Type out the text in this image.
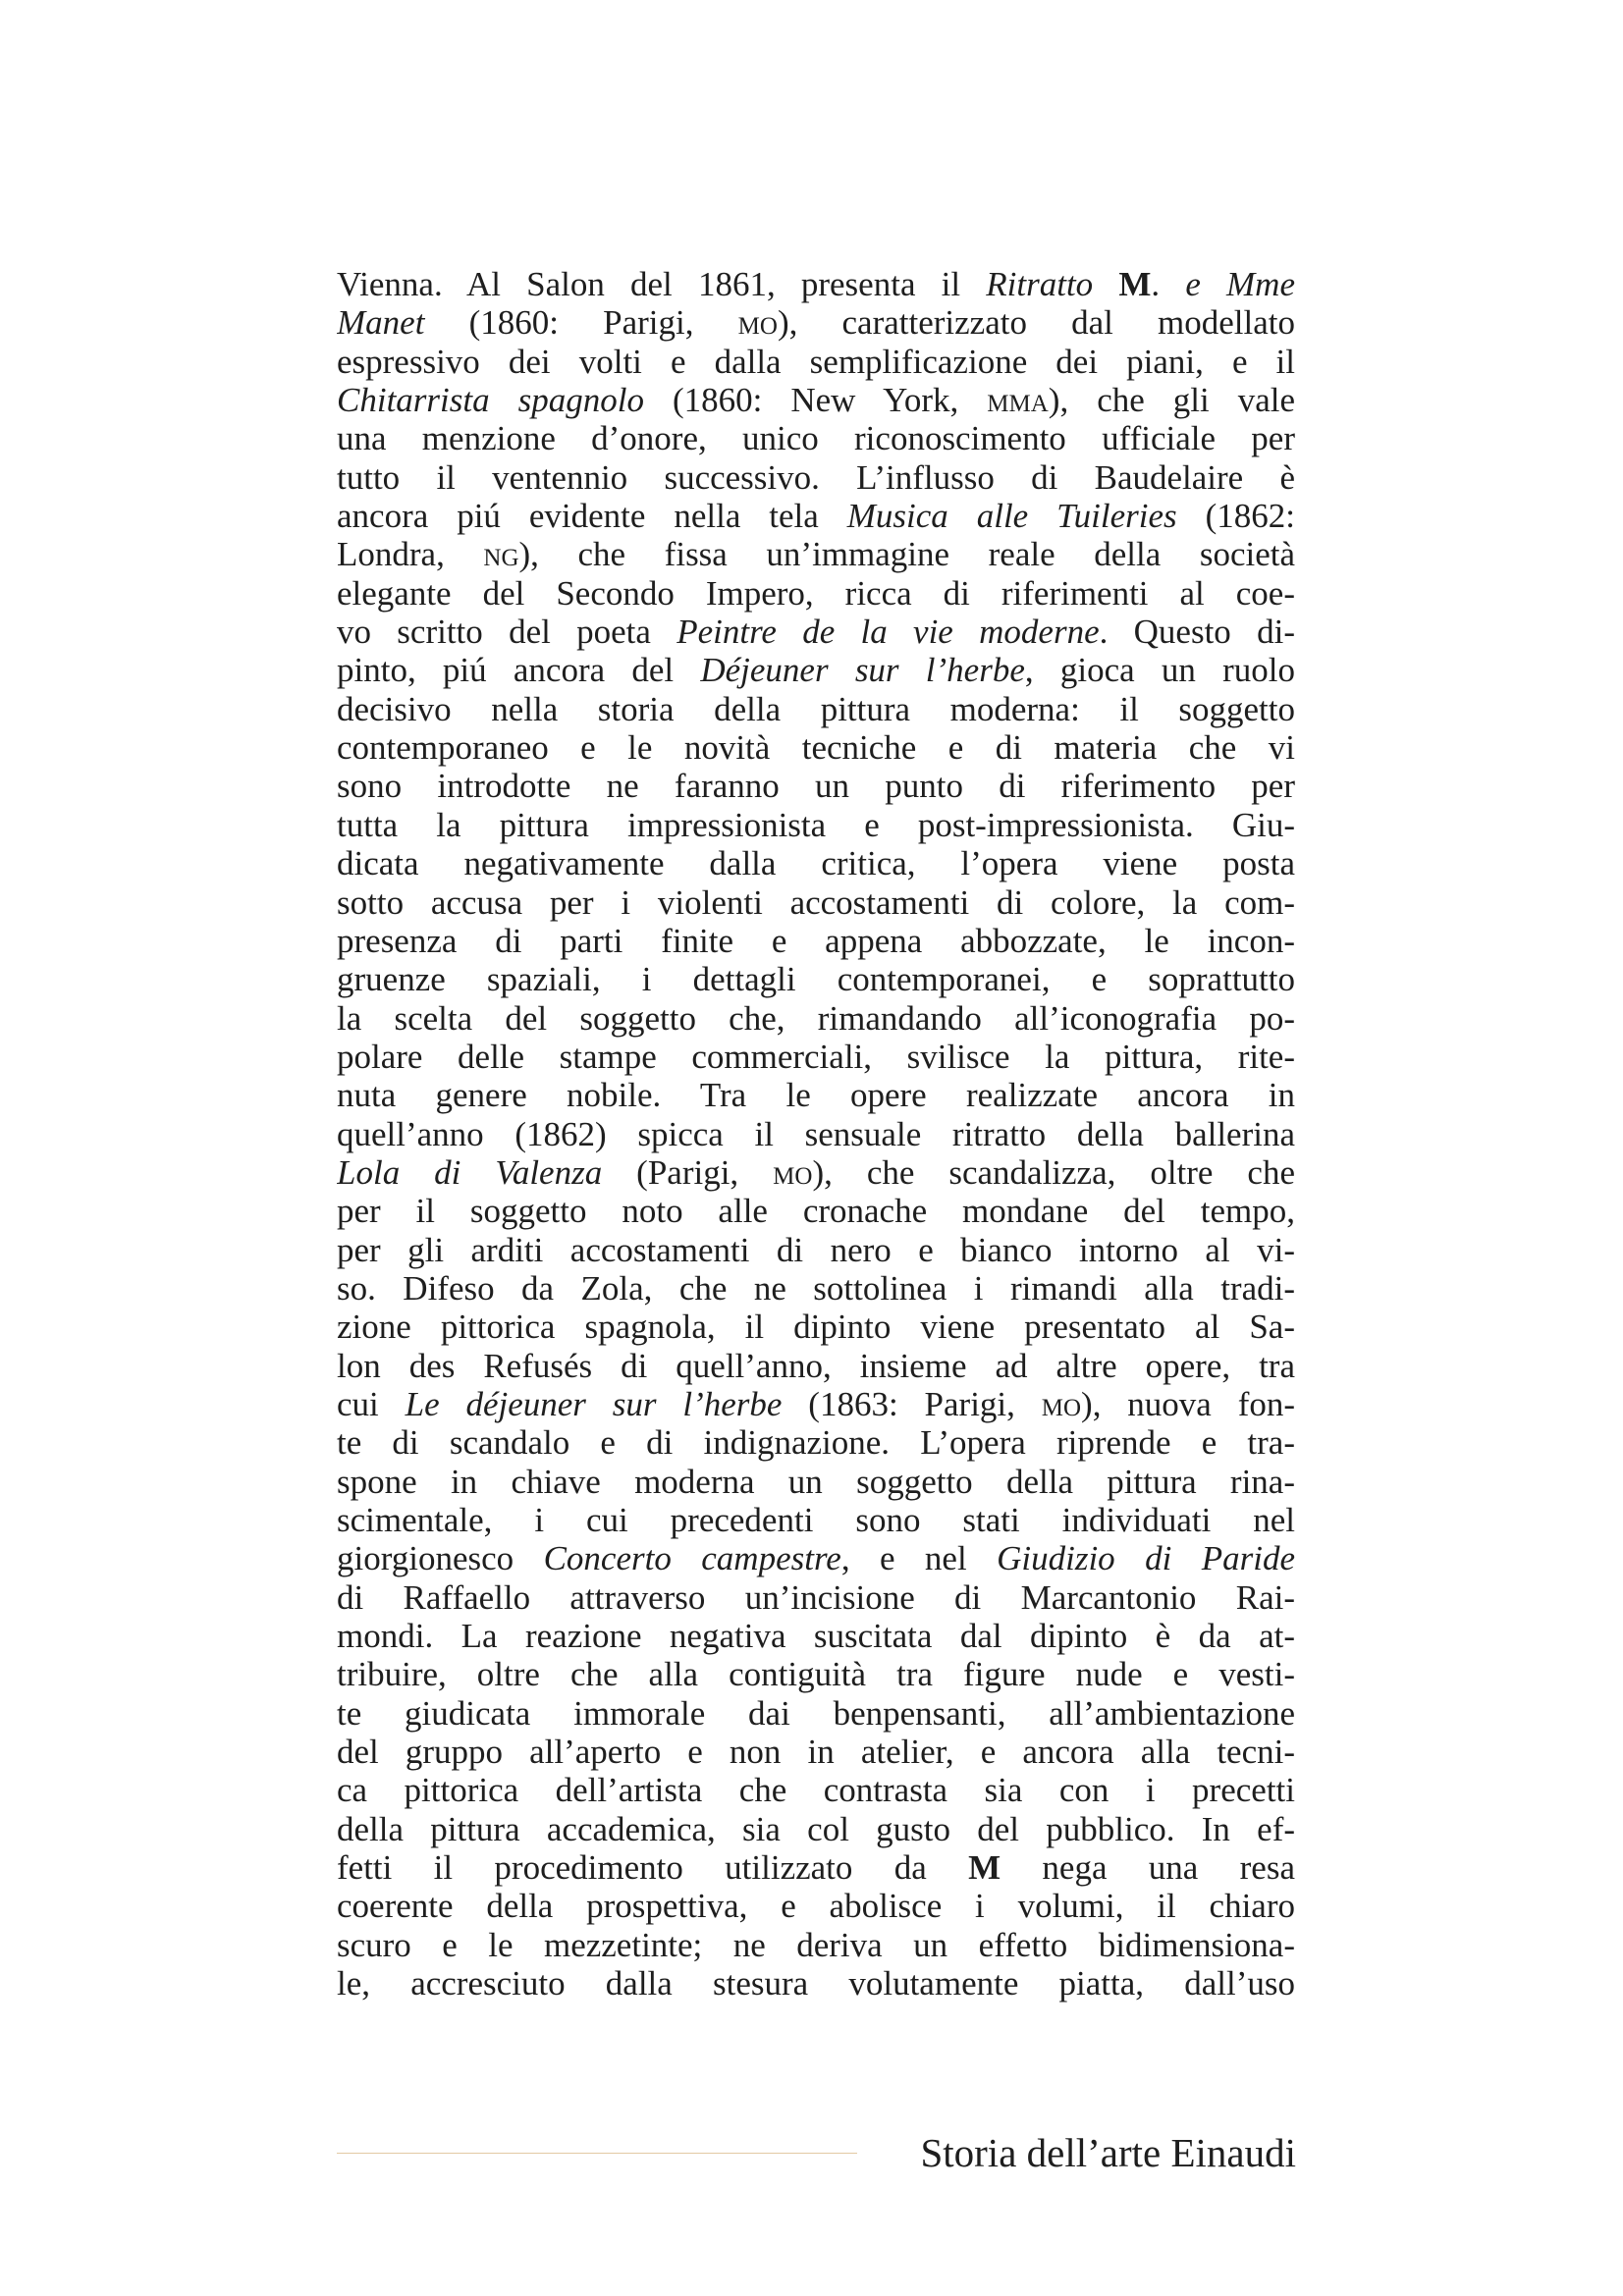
Vienna. Al Salon del 1861, presenta il Ritratto M. e Mme
Manet (1860: Parigi, mo), caratterizzato dal modellato
espressivo dei volti e dalla semplificazione dei piani, e il
Chitarrista spagnolo (1860: New York, mma), che gli vale
una menzione d’onore, unico riconoscimento ufficiale per
tutto il ventennio successivo. L’influsso di Baudelaire è
ancora piú evidente nella tela Musica alle Tuileries (1862:
Londra, ng), che fissa un’immagine reale della società
elegante del Secondo Impero, ricca di riferimenti al coe-
vo scritto del poeta Peintre de la vie moderne. Questo di-
pinto, piú ancora del Déjeuner sur l’herbe, gioca un ruolo
decisivo nella storia della pittura moderna: il soggetto
contemporaneo e le novità tecniche e di materia che vi
sono introdotte ne faranno un punto di riferimento per
tutta la pittura impressionista e post-impressionista. Giu-
dicata negativamente dalla critica, l’opera viene posta
sotto accusa per i violenti accostamenti di colore, la com-
presenza di parti finite e appena abbozzate, le incon-
gruenze spaziali, i dettagli contemporanei, e soprattutto
la scelta del soggetto che, rimandando all’iconografia po-
polare delle stampe commerciali, svilisce la pittura, rite-
nuta genere nobile. Tra le opere realizzate ancora in
quell’anno (1862) spicca il sensuale ritratto della ballerina
Lola di Valenza (Parigi, mo), che scandalizza, oltre che
per il soggetto noto alle cronache mondane del tempo,
per gli arditi accostamenti di nero e bianco intorno al vi-
so. Difeso da Zola, che ne sottolinea i rimandi alla tradi-
zione pittorica spagnola, il dipinto viene presentato al Sa-
lon des Refusés di quell’anno, insieme ad altre opere, tra
cui Le déjeuner sur l’herbe (1863: Parigi, mo), nuova fon-
te di scandalo e di indignazione. L’opera riprende e tra-
spone in chiave moderna un soggetto della pittura rina-
scimentale, i cui precedenti sono stati individuati nel
giorgionesco Concerto campestre, e nel Giudizio di Paride
di Raffaello attraverso un’incisione di Marcantonio Rai-
mondi. La reazione negativa suscitata dal dipinto è da at-
tribuire, oltre che alla contiguità tra figure nude e vesti-
te giudicata immorale dai benpensanti, all’ambientazione
del gruppo all’aperto e non in atelier, e ancora alla tecni-
ca pittorica dell’artista che contrasta sia con i precetti
della pittura accademica, sia col gusto del pubblico. In ef-
fetti il procedimento utilizzato da M nega una resa
coerente della prospettiva, e abolisce i volumi, il chiaro
scuro e le mezzetinte; ne deriva un effetto bidimensiona-
le, accresciuto dalla stesura volutamente piatta, dall’uso
Storia dell’arte Einaudi
